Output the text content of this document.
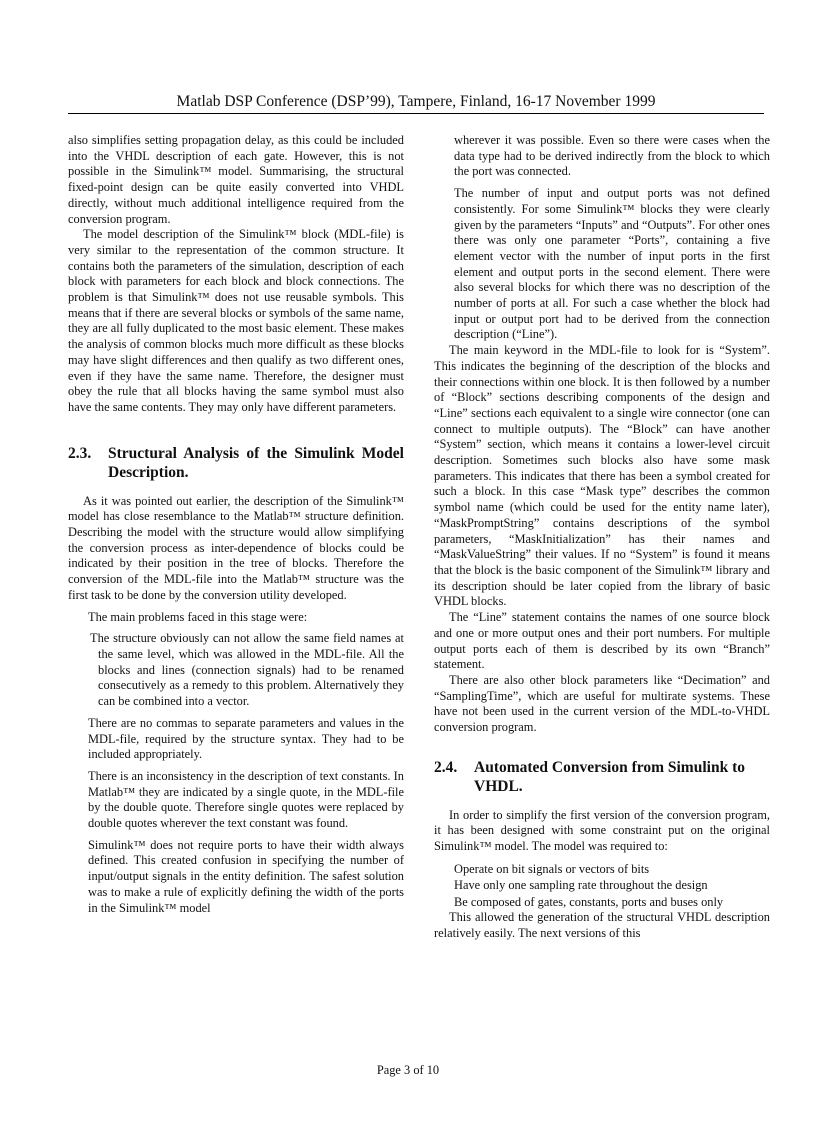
Matlab DSP Conference (DSP’99), Tampere, Finland, 16-17 November 1999

also simplifies setting propagation delay, as this could be included into the VHDL description of each gate. However, this is not possible in the Simulink™ model. Summarising, the structural fixed-point design can be quite easily converted into VHDL directly, without much additional intelligence required from the conversion program.

The model description of the Simulink™ block (MDL-file) is very similar to the representation of the common structure. It contains both the parameters of the simulation, description of each block with parameters for each block and block connections. The problem is that Simulink™ does not use reusable symbols. This means that if there are several blocks or symbols of the same name, they are all fully duplicated to the most basic element. These makes the analysis of common blocks much more difficult as these blocks may have slight differences and then qualify as two different ones, even if they have the same name. Therefore, the designer must obey the rule that all blocks having the same symbol must also have the same contents. They may only have different parameters.

2.3. Structural Analysis of the Simulink Model Description.

As it was pointed out earlier, the description of the Simulink™ model has close resemblance to the Matlab™ structure definition. Describing the model with the structure would allow simplifying the conversion process as inter-dependence of blocks could be indicated by their position in the tree of blocks. Therefore the conversion of the MDL-file into the Matlab™ structure was the first task to be done by the conversion utility developed.

The main problems faced in this stage were:

The structure obviously can not allow the same field names at the same level, which was allowed in the MDL-file. All the blocks and lines (connection signals) had to be renamed consecutively as a remedy to this problem. Alternatively they can be combined into a vector.

There are no commas to separate parameters and values in the MDL-file, required by the structure syntax. They had to be included appropriately.

There is an inconsistency in the description of text constants. In Matlab™ they are indicated by a single quote, in the MDL-file by the double quote. Therefore single quotes were replaced by double quotes wherever the text constant was found.

Simulink™ does not require ports to have their width always defined. This created confusion in specifying the number of input/output signals in the entity definition. The safest solution was to make a rule of explicitly defining the width of the ports in the Simulink™ model

wherever it was possible. Even so there were cases when the data type had to be derived indirectly from the block to which the port was connected.

The number of input and output ports was not defined consistently. For some Simulink™ blocks they were clearly given by the parameters “Inputs” and “Outputs”. For other ones there was only one parameter “Ports”, containing a five element vector with the number of input ports in the first element and output ports in the second element. There were also several blocks for which there was no description of the number of ports at all. For such a case whether the block had input or output port had to be derived from the connection description (“Line”).

The main keyword in the MDL-file to look for is “System”. This indicates the beginning of the description of the blocks and their connections within one block. It is then followed by a number of “Block” sections describing components of the design and “Line” sections each equivalent to a single wire connector (one can connect to multiple outputs). The “Block” can have another “System” section, which means it contains a lower-level circuit description. Sometimes such blocks also have some mask parameters. This indicates that there has been a symbol created for such a block. In this case “Mask type” describes the common symbol name (which could be used for the entity name later), “MaskPromptString” contains descriptions of the symbol parameters, “MaskInitialization” has their names and “MaskValueString” their values. If no “System” is found it means that the block is the basic component of the Simulink™ library and its description should be later copied from the library of basic VHDL blocks.

The “Line” statement contains the names of one source block and one or more output ones and their port numbers. For multiple output ports each of them is described by its own “Branch” statement.

There are also other block parameters like “Decimation” and “SamplingTime”, which are useful for multirate systems. These have not been used in the current version of the MDL-to-VHDL conversion program.

2.4. Automated Conversion from Simulink to VHDL.

In order to simplify the first version of the conversion program, it has been designed with some constraint put on the original Simulink™ model. The model was required to:

Operate on bit signals or vectors of bits
Have only one sampling rate throughout the design
Be composed of gates, constants, ports and buses only

This allowed the generation of the structural VHDL description relatively easily. The next versions of this

Page 3 of 10
